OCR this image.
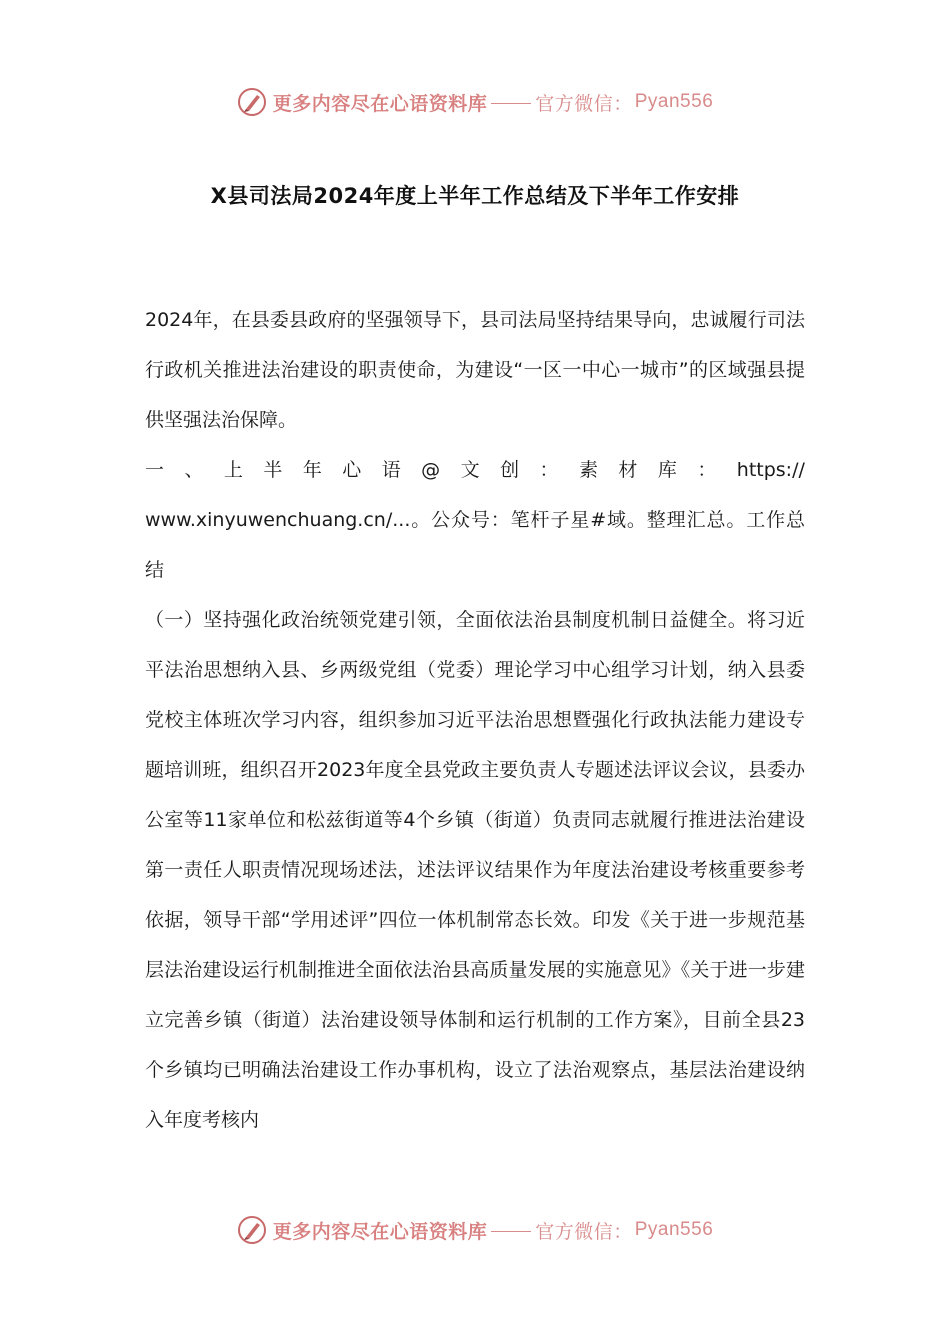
更多内容尽在心语资料库	官方微信： Pyan556
X县司法局2024年度上半年工作总结及下半年工作安排

2024年，在县委县政府的坚强领导下，县司法局坚持结果导向，忠诚履行司法行政机关推进法治建设的职责使命，为建设“一区一中心一城市”的区域强县提供坚强法治保障。

一 、 上 半 年 心 语 @ 文 创 ： 素 材 库 ： https://

www.xinyuwenchuang.cn/...。公众号：笔杆子星#域。整理汇总。工作总结

（一）坚持强化政治统领党建引领，全面依法治县制度机制日益健全。将习近平法治思想纳入县、乡两级党组（党委）理论学习中心组学习计划，纳入县委党校主体班次学习内容，组织参加习近平法治思想暨强化行政执法能力建设专题培训班，组织召开2023年度全县党政主要负责人专题述法评议会议，县委办公室等11家单位和松兹街道等4个乡镇（街道）负责同志就履行推进法治建设第一责任人职责情况现场述法，述法评议结果作为年度法治建设考核重要参考依据，领导干部“学用述评”四位一体机制常态长效。印发《关于进一步规范基层法治建设运行机制推进全面依法治县高质量发展的实施意见》《关于进一步建立完善乡镇（街道）法治建设领导体制和运行机制的工作方案》，目前全县23个乡镇均已明确法治建设工作办事机构，设立了法治观察点，基层法治建设纳入年度考核内

更多内容尽在心语资料库	官方微信： Pyan556
